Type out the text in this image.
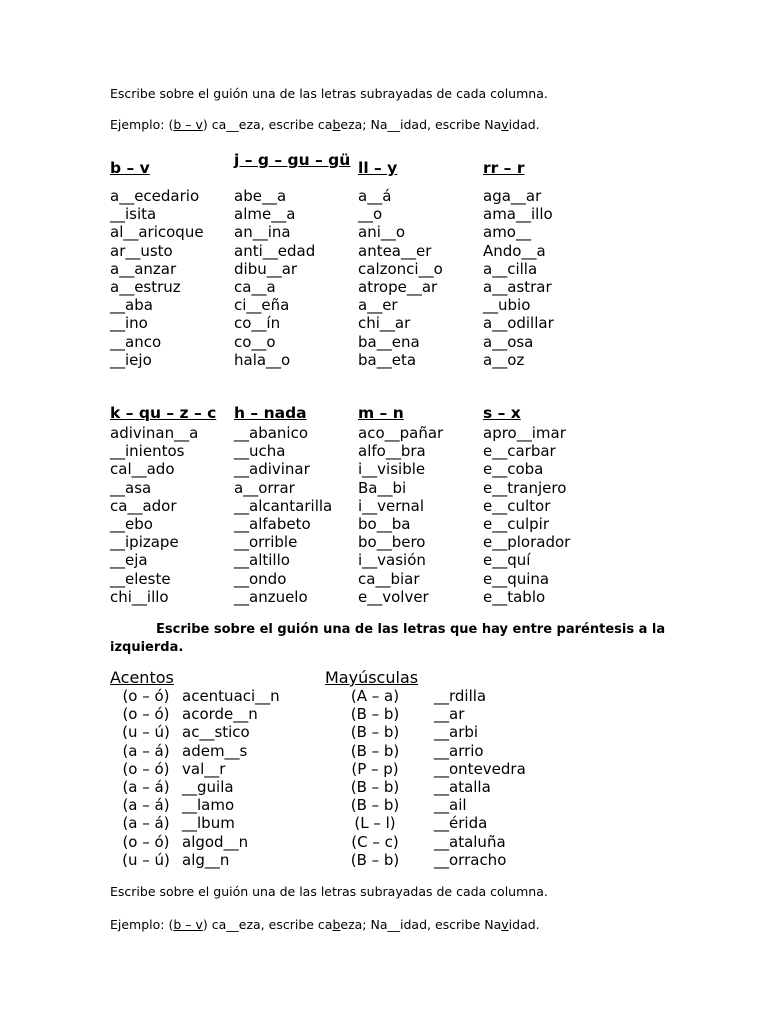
Escribe sobre el guión una de las letras subrayadas de cada columna.
Ejemplo: (b – v) ca__eza, escribe cabeza; Na__idad, escribe Navidad.
b – v
a__ecedario
__isita
al__aricoque
ar__usto
a__anzar
a__estruz
__aba
__ino
__anco
__iejo
j – g – gu – gü
abe__a
alme__a
an__ina
anti__edad
dibu__ar
ca__a
ci__eña
co__ín
co__o
hala__o
ll – y
a__á
__o
ani__o
antea__er
calzonci__o
atrope__ar
a__er
chi__ar
ba__ena
ba__eta
rr – r
aga__ar
ama__illo
amo__
Ando__a
a__cilla
a__astrar
__ubio
a__odillar
a__osa
a__oz
k – qu – z – c
adivinan__a
__inientos
cal__ado
__asa
ca__ador
__ebo
__ipizape
__eja
__eleste
chi__illo
h – nada
__abanico
__ucha
__adivinar
a__orrar
__alcantarilla
__alfabeto
__orrible
__altillo
__ondo
__anzuelo
m – n
aco__pañar
alfo__bra
i__visible
Ba__bi
i__vernal
bo__ba
bo__bero
i__vasión
ca__biar
e__volver
s – x
apro__imar
e__carbar
e__coba
e__tranjero
e__cultor
e__culpir
e__plorador
e__quí
e__quina
e__tablo
Escribe sobre el guión una de las letras que hay entre paréntesis a la izquierda.
Acentos
(o – ó) acentuaci__n
(o – ó) acorde__n
(u – ú) ac__stico
(a – á) adem__s
(o – ó) val__r
(a – á) __guila
(a – á) __lamo
(a – á) __lbum
(o – ó) algod__n
(u – ú) alg__n
Mayúsculas
(A – a) __rdilla
(B – b) __ar
(B – b) __arbi
(B – b) __arrio
(P – p) __ontevedra
(B – b) __atalla
(B – b) __ail
(L – l)	__érida
(C – c) __ataluña
(B – b) __orracho
Escribe sobre el guión una de las letras subrayadas de cada columna.
Ejemplo: (b – v) ca__eza, escribe cabeza; Na__idad, escribe Navidad.
